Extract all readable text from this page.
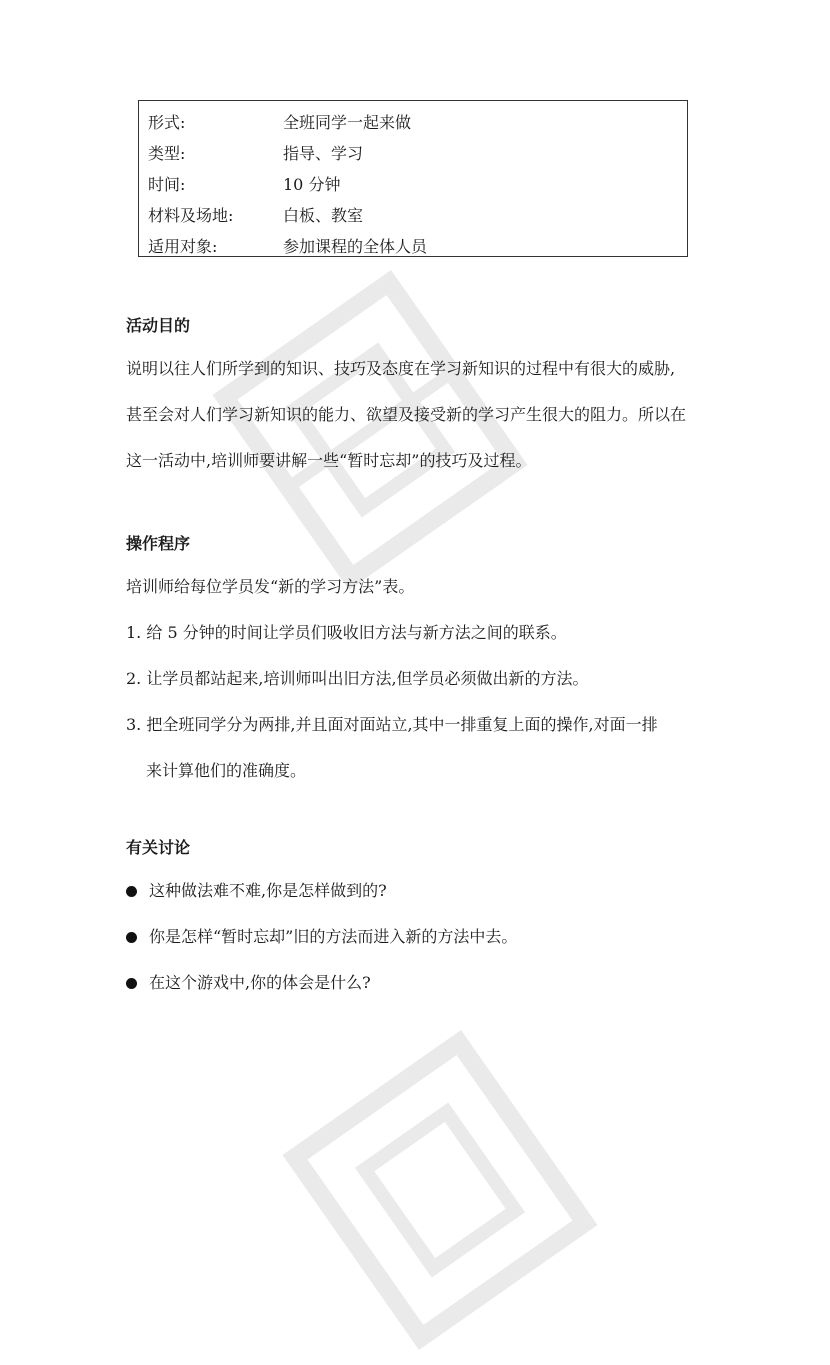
形式:	全班同学一起来做
类型:	指导、学习
时间:	10 分钟
材料及场地:	白板、教室
适用对象:	参加课程的全体人员
活动目的
说明以往人们所学到的知识、技巧及态度在学习新知识的过程中有很大的威胁,
甚至会对人们学习新知识的能力、欲望及接受新的学习产生很大的阻力。所以在
这一活动中,培训师要讲解一些“暂时忘却”的技巧及过程。
操作程序
培训师给每位学员发“新的学习方法”表。
1. 给 5 分钟的时间让学员们吸收旧方法与新方法之间的联系。
2. 让学员都站起来,培训师叫出旧方法,但学员必须做出新的方法。
3. 把全班同学分为两排,并且面对面站立,其中一排重复上面的操作,对面一排
来计算他们的准确度。
有关讨论
这种做法难不难,你是怎样做到的?
你是怎样“暂时忘却”旧的方法而进入新的方法中去。
在这个游戏中,你的体会是什么?
